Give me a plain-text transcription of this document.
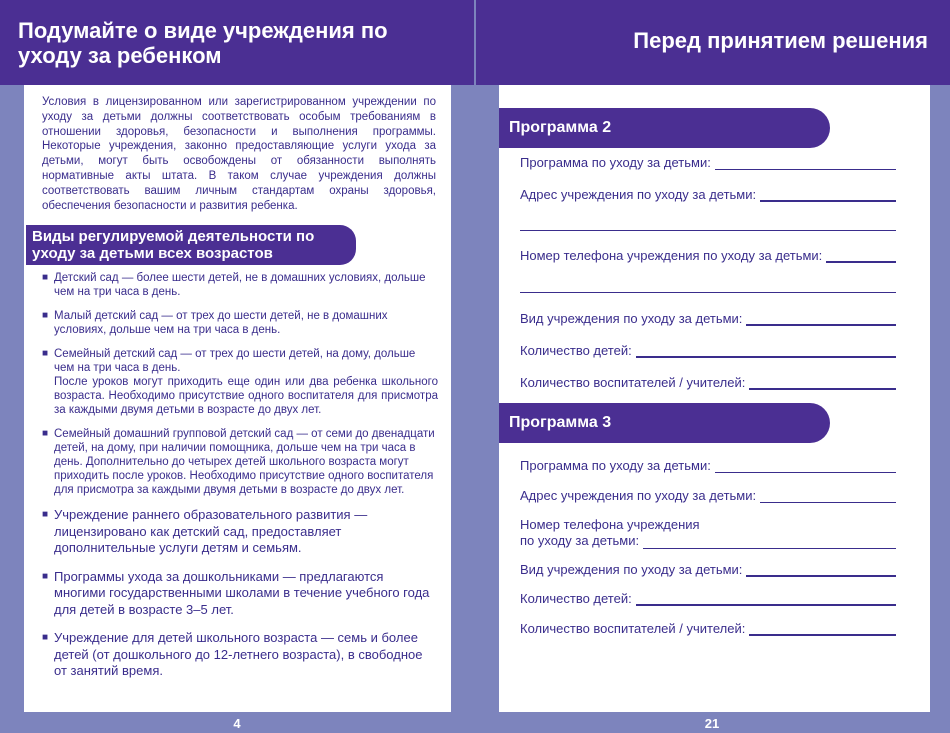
Подумайте о виде учреждения по уходу за ребенком
Перед принятием решения

Условия в лицензированном или зарегистрированном учреждении по уходу за детьми должны соответствовать особым требованиям в отношении здоровья, безопасности и выполнения программы. Некоторые учреждения, законно предоставляющие услуги ухода за детьми, могут быть освобождены от обязанности выполнять нормативные акты штата. В таком случае учреждения должны соответствовать вашим личным стандартам охраны здоровья, обеспечения безопасности и развития ребенка.

Виды регулируемой деятельности по уходу за детьми всех возрастов
■ Детский сад — более шести детей, не в домашних условиях, дольше чем на три часа в день.
■ Малый детский сад — от трех до шести детей, не в домашних условиях, дольше чем на три часа в день.
■ Семейный детский сад — от трех до шести детей, на дому, дольше чем на три часа в день.
После уроков могут приходить еще один или два ребенка школьного возраста. Необходимо присутствие одного воспитателя для присмотра за каждыми двумя детьми в возрасте до двух лет.
■ Семейный домашний групповой детский сад — от семи до двенадцати детей, на дому, при наличии помощника, дольше чем на три часа в день. Дополнительно до четырех детей школьного возраста могут приходить после уроков. Необходимо присутствие одного воспитателя для присмотра за каждыми двумя детьми в возрасте до двух лет.
■ Учреждение раннего образовательного развития — лицензировано как детский сад, предоставляет дополнительные услуги детям и семьям.
■ Программы ухода за дошкольниками — предлагаются многими государственными школами в течение учебного года для детей в возрасте 3–5 лет.
■ Учреждение для детей школьного возраста — семь и более детей (от дошкольного до 12-летнего возраста), в свободное от занятий время.
4
Программа 2
Программа по уходу за детьми:
Адрес учреждения по уходу за детьми:
Номер телефона учреждения по уходу за детьми:
Вид учреждения по уходу за детьми:
Количество детей:
Количество воспитателей / учителей:
Программа 3
Программа по уходу за детьми:
Адрес учреждения по уходу за детьми:
Номер телефона учреждения
по уходу за детьми:
Вид учреждения по уходу за детьми:
Количество детей:
Количество воспитателей / учителей:
21
